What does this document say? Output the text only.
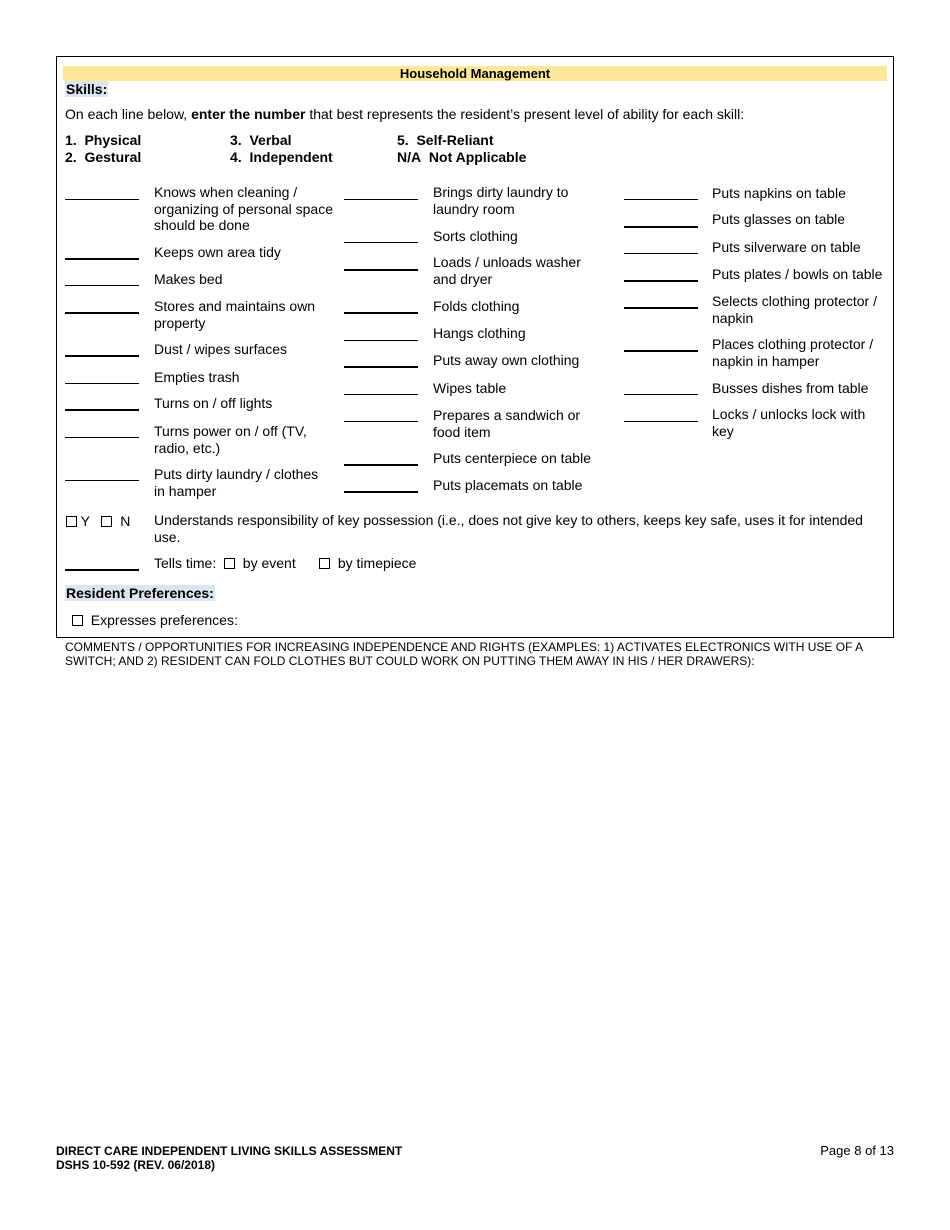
Household Management
Skills:
On each line below, enter the number that best represents the resident’s present level of ability for each skill:
1. Physical
2. Gestural
3. Verbal
4. Independent
5. Self-Reliant
N/A Not Applicable
Knows when cleaning / organizing of personal space should be done
Keeps own area tidy
Makes bed
Stores and maintains own property
Dust / wipes surfaces
Empties trash
Turns on / off lights
Turns power on / off (TV, radio, etc.)
Puts dirty laundry / clothes in hamper
Brings dirty laundry to laundry room
Sorts clothing
Loads / unloads washer and dryer
Folds clothing
Hangs clothing
Puts away own clothing
Wipes table
Prepares a sandwich or food item
Puts centerpiece on table
Puts placemats on table
Puts napkins on table
Puts glasses on table
Puts silverware on table
Puts plates / bowls on table
Selects clothing protector / napkin
Places clothing protector / napkin in hamper
Busses dishes from table
Locks / unlocks lock with key
Y N Understands responsibility of key possession (i.e., does not give key to others, keeps key safe, uses it for intended use.
Tells time: by event	by timepiece
Resident Preferences:
Expresses preferences:
COMMENTS / OPPORTUNITIES FOR INCREASING INDEPENDENCE AND RIGHTS (EXAMPLES: 1) ACTIVATES ELECTRONICS WITH USE OF A SWITCH; AND 2) RESIDENT CAN FOLD CLOTHES BUT COULD WORK ON PUTTING THEM AWAY IN HIS / HER DRAWERS):
DIRECT CARE INDEPENDENT LIVING SKILLS ASSESSMENT
DSHS 10-592 (REV. 06/2018)
Page 8 of 13
